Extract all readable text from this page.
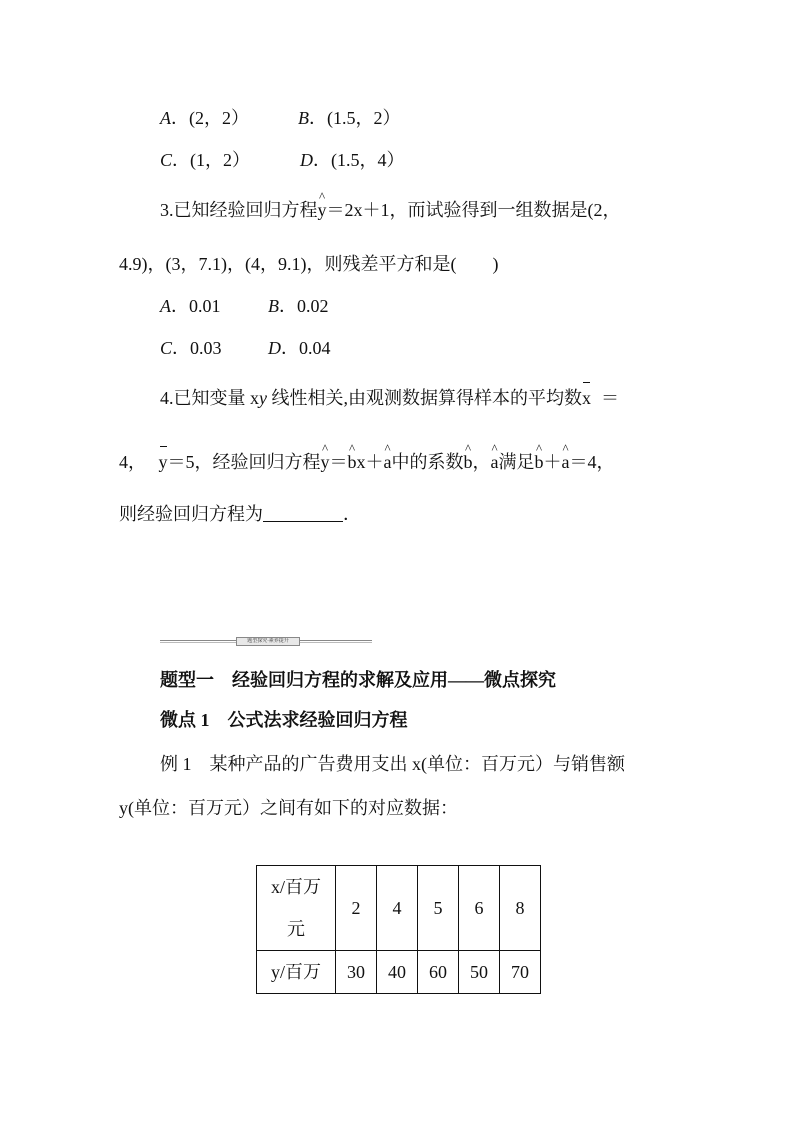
A．(2，2）	B．(1.5，2）
C．(1，2）	D．(1.5，4）
3.已知经验回归方程^ y＝2x＋1，而试验得到一组数据是(2，
4.9)，(3，7.1)，(4，9.1)，则残差平方和是(　　)
A．0.01	B．0.02
C．0.03	D．0.04
4.已知变量 xy 线性相关,由观测数据算得样本的平均数x ＝
4， y＝5，经验回归方程^ y＝^ bx＋^ a中的系数^ b，^ a满足^ b＋^ a＝4，
则经验回归方程为	．
题型探究·素养提升
题型一　经验回归方程的求解及应用——微点探究
微点 1　公式法求经验回归方程
例 1　某种产品的广告费用支出 x(单位：百万元）与销售额
y(单位：百万元）之间有如下的对应数据：
x/百万
元	2	4	5	6	8
y/百万	30	40	60	50	70
